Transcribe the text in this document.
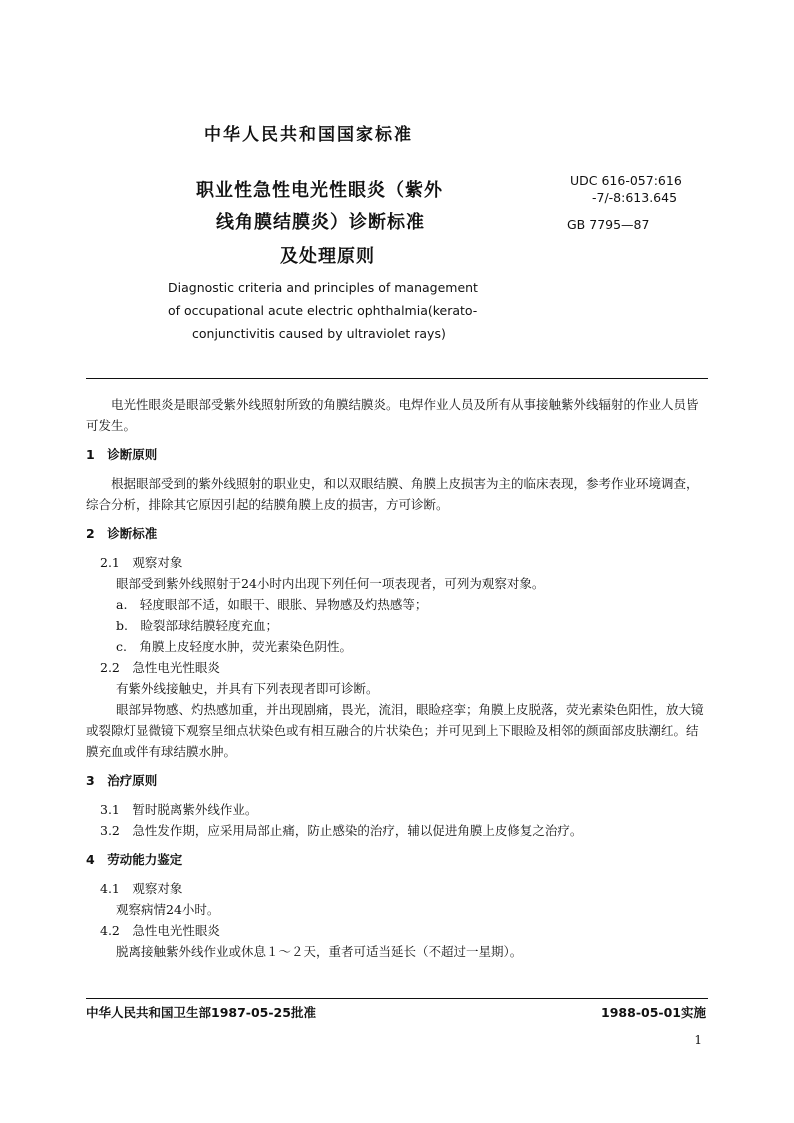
中华人民共和国国家标准
职业性急性电光性眼炎（紫外
线角膜结膜炎）诊断标准
及处理原则
UDC 616-057:616
-7/-8:613.645
GB 7795—87
Diagnostic criteria and principles of management
of occupational acute electric ophthalmia(kerato-
conjunctivitis caused by ultraviolet rays)

电光性眼炎是眼部受紫外线照射所致的角膜结膜炎。电焊作业人员及所有从事接触紫外线辐射的作业人员皆可发生。

1　诊断原则

根据眼部受到的紫外线照射的职业史，和以双眼结膜、角膜上皮损害为主的临床表现，参考作业环境调查，综合分析，排除其它原因引起的结膜角膜上皮的损害，方可诊断。

2　诊断标准

2.1　观察对象

眼部受到紫外线照射于24小时内出现下列任何一项表现者，可列为观察对象。

a.　轻度眼部不适，如眼干、眼胀、异物感及灼热感等；

b.　睑裂部球结膜轻度充血；

c.　角膜上皮轻度水肿，荧光素染色阴性。

2.2　急性电光性眼炎

有紫外线接触史，并具有下列表现者即可诊断。

眼部异物感、灼热感加重，并出现剧痛，畏光，流泪，眼睑痉挛；角膜上皮脱落，荧光素染色阳性，放大镜或裂隙灯显微镜下观察呈细点状染色或有相互融合的片状染色；并可见到上下眼睑及相邻的颜面部皮肤潮红。结膜充血或伴有球结膜水肿。

3　治疗原则

3.1　暂时脱离紫外线作业。

3.2　急性发作期，应采用局部止痛，防止感染的治疗，辅以促进角膜上皮修复之治疗。

4　劳动能力鉴定

4.1　观察对象

观察病情24小时。

4.2　急性电光性眼炎

脱离接触紫外线作业或休息１～２天，重者可适当延长（不超过一星期）。

中华人民共和国卫生部1987-05-25批准	1988-05-01实施
1
